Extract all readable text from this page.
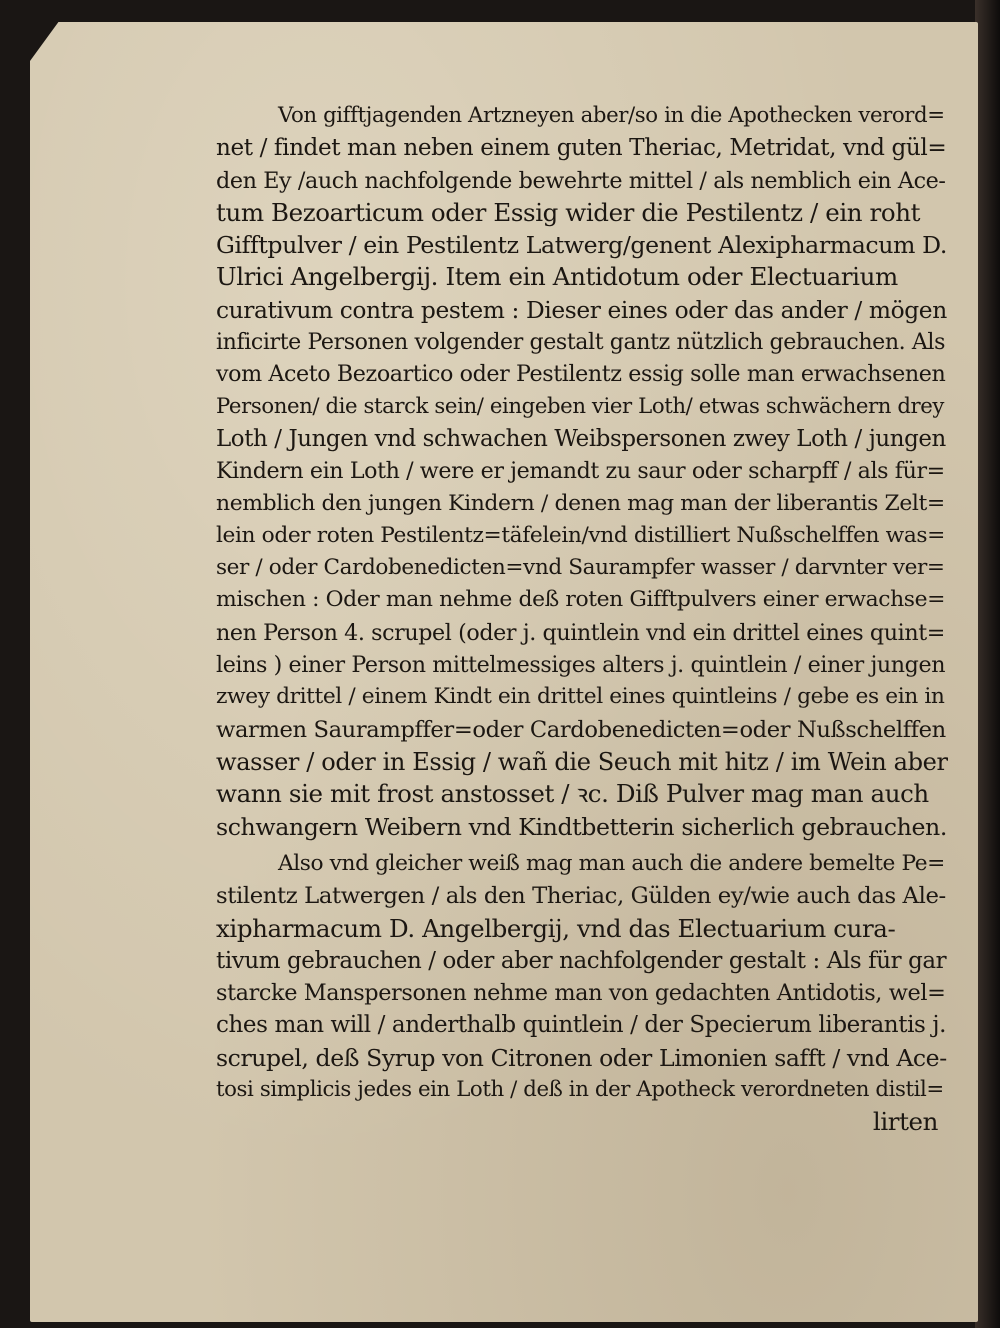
Von gifftjagenden Artzneyen aber/so in die Apothecken verord=
net / findet man neben einem guten Theriac, Metridat, vnd gül=
den Ey /auch nachfolgende bewehrte mittel / als nemblich ein Ace-
tum Bezoarticum oder Essig wider die Pestilentz / ein roht
Gifftpulver / ein Pestilentz Latwerg/genent Alexipharmacum D.
Ulrici Angelbergij. Item ein Antidotum oder Electuarium
curativum contra pestem : Dieser eines oder das ander / mögen
inficirte Personen volgender gestalt gantz nützlich gebrauchen. Als
vom Aceto Bezoartico oder Pestilentz essig solle man erwachsenen
Personen/ die starck sein/ eingeben vier Loth/ etwas schwächern drey
Loth / Jungen vnd schwachen Weibspersonen zwey Loth / jungen
Kindern ein Loth / were er jemandt zu saur oder scharpff / als für=
nemblich den jungen Kindern / denen mag man der liberantis Zelt=
lein oder roten Pestilentz=täfelein/vnd distilliert Nußschelffen was=
ser / oder Cardobenedicten=vnd Saurampfer wasser / darvnter ver=
mischen : Oder man nehme deß roten Gifftpulvers einer erwachse=
nen Person 4. scrupel (oder j. quintlein vnd ein drittel eines quint=
leins ) einer Person mittelmessiges alters j. quintlein / einer jungen
zwey drittel / einem Kindt ein drittel eines quintleins / gebe es ein in
warmen Saurampffer=oder Cardobenedicten=oder Nußschelffen
wasser / oder in Essig / wañ die Seuch mit hitz / im Wein aber
wann sie mit frost anstosset / ꝛc. Diß Pulver mag man auch
schwangern Weibern vnd Kindtbetterin sicherlich gebrauchen.
Also vnd gleicher weiß mag man auch die andere bemelte Pe=
stilentz Latwergen / als den Theriac, Gülden ey/wie auch das Ale-
xipharmacum D. Angelbergij, vnd das Electuarium cura-
tivum gebrauchen / oder aber nachfolgender gestalt : Als für gar
starcke Manspersonen nehme man von gedachten Antidotis, wel=
ches man will / anderthalb quintlein / der Specierum liberantis j.
scrupel, deß Syrup von Citronen oder Limonien safft / vnd Ace-
tosi simplicis jedes ein Loth / deß in der Apotheck verordneten distil=
lirten
